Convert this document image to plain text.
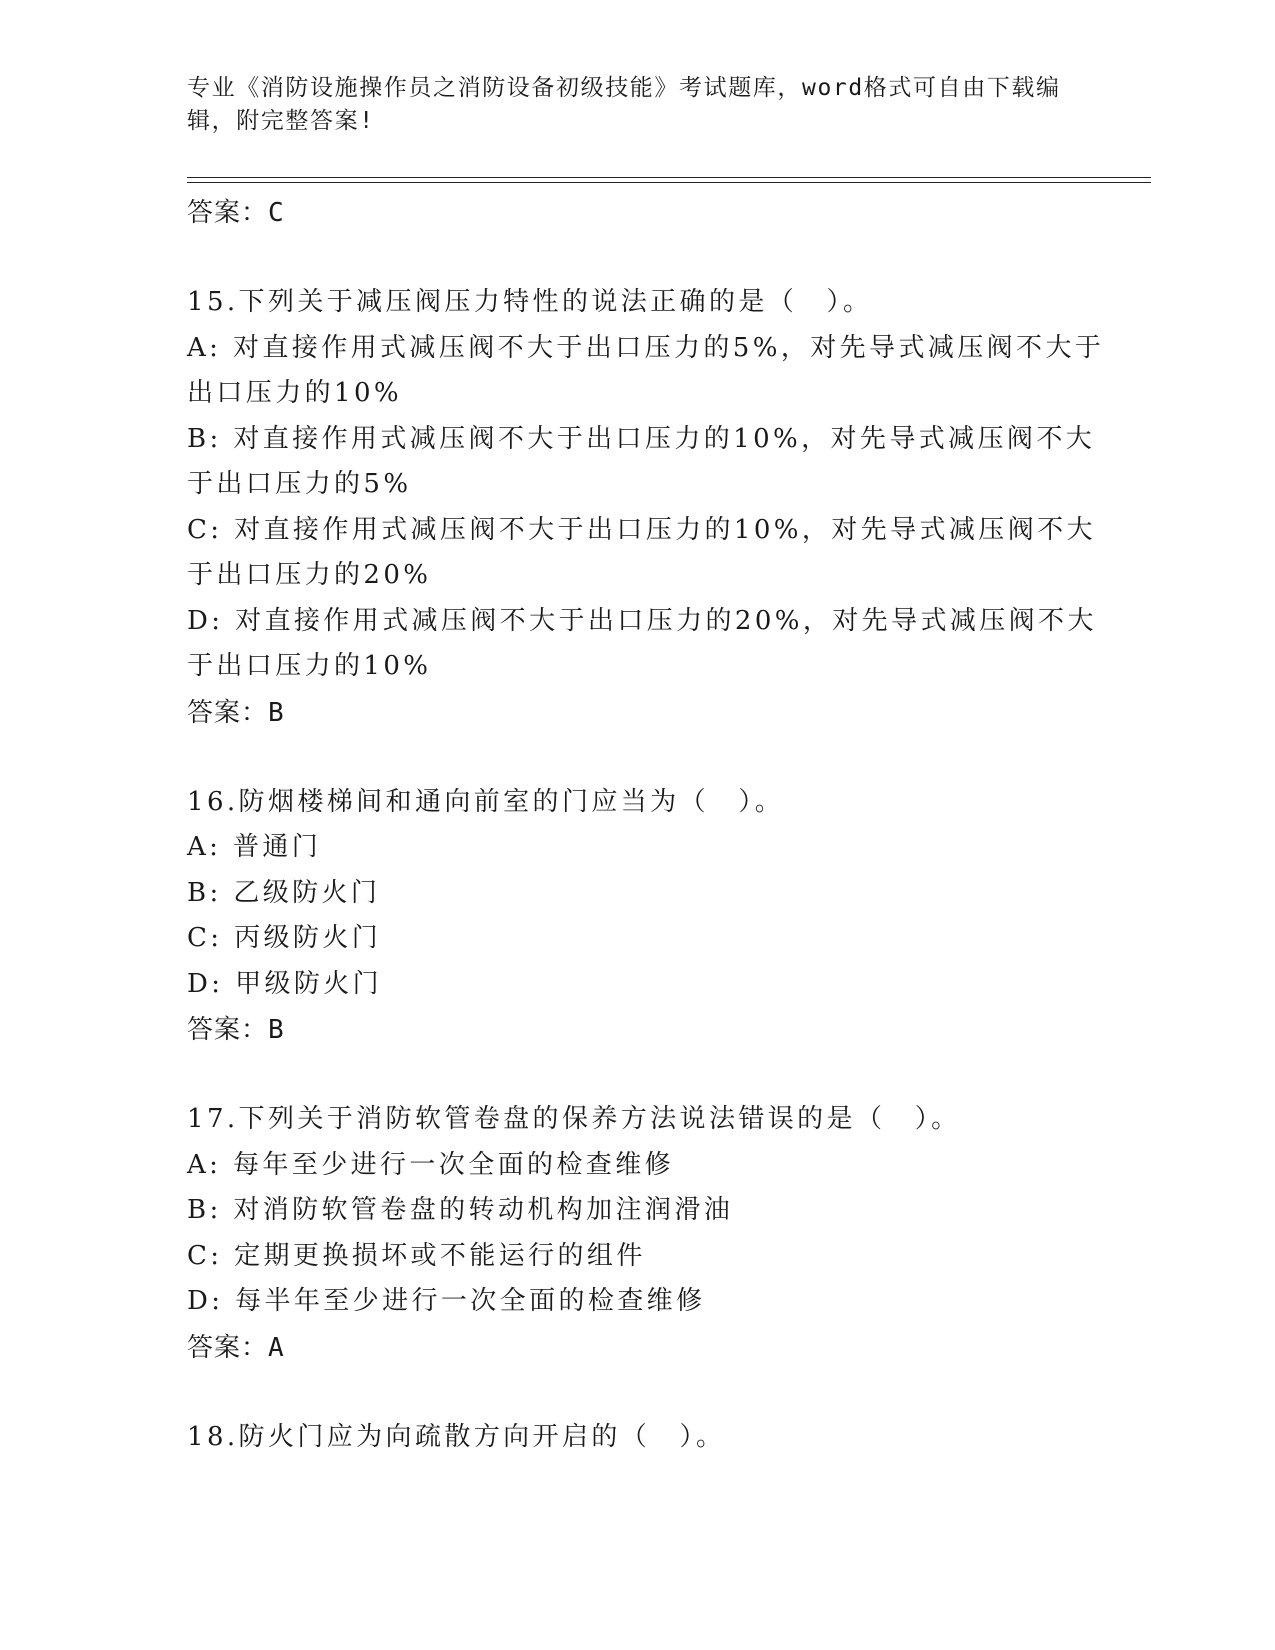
专业《消防设施操作员之消防设备初级技能》考试题库，word格式可自由下载编
辑，附完整答案!
答案：C
15.下列关于减压阀压力特性的说法正确的是（　）。
A: 对直接作用式减压阀不大于出口压力的5%，对先导式减压阀不大于
出口压力的10%
B: 对直接作用式减压阀不大于出口压力的10%，对先导式减压阀不大
于出口压力的5%
C: 对直接作用式减压阀不大于出口压力的10%，对先导式减压阀不大
于出口压力的20%
D: 对直接作用式减压阀不大于出口压力的20%，对先导式减压阀不大
于出口压力的10%
答案：B
16.防烟楼梯间和通向前室的门应当为（　）。
A: 普通门
B: 乙级防火门
C: 丙级防火门
D: 甲级防火门
答案：B
17.下列关于消防软管卷盘的保养方法说法错误的是（　）。
A: 每年至少进行一次全面的检查维修
B: 对消防软管卷盘的转动机构加注润滑油
C: 定期更换损坏或不能运行的组件
D: 每半年至少进行一次全面的检查维修
答案：A
18.防火门应为向疏散方向开启的（　）。
